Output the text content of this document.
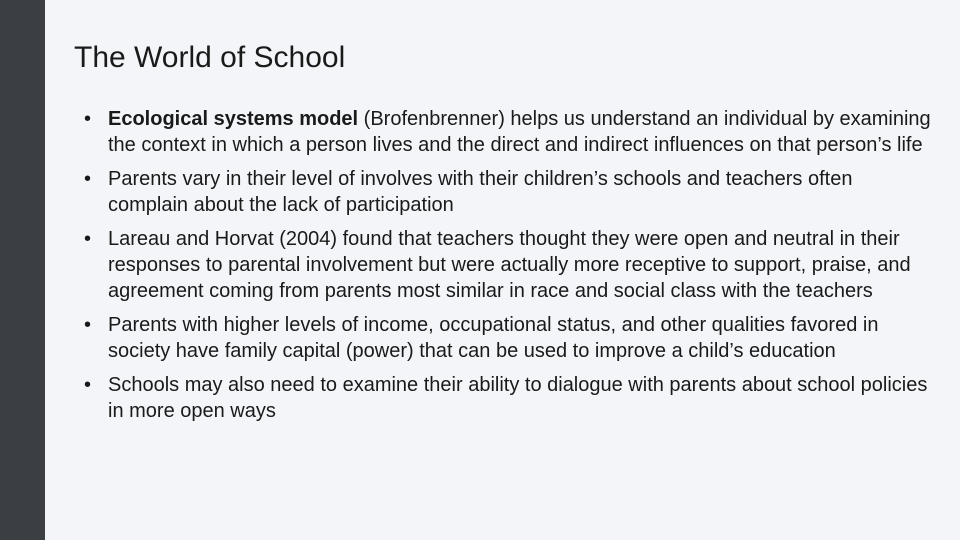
The World of School
• Ecological systems model (Brofenbrenner) helps us understand an individual by examining the context in which a person lives and the direct and indirect influences on that person’s life
• Parents vary in their level of involves with their children’s schools and teachers often complain about the lack of participation
• Lareau and Horvat (2004) found that teachers thought they were open and neutral in their responses to parental involvement but were actually more receptive to support, praise, and agreement coming from parents most similar in race and social class with the teachers
• Parents with higher levels of income, occupational status, and other qualities favored in society have family capital (power) that can be used to improve a child’s education
• Schools may also need to examine their ability to dialogue with parents about school policies in more open ways
